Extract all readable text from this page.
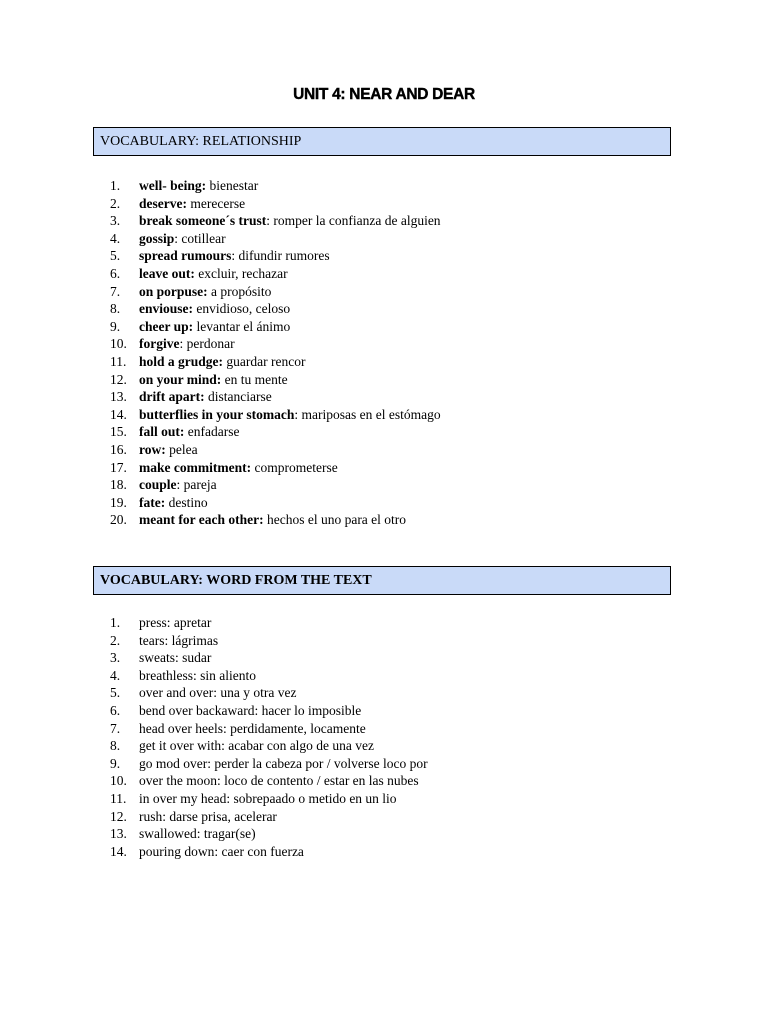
UNIT 4: NEAR AND DEAR
VOCABULARY: RELATIONSHIP
1. well- being: bienestar
2. deserve: merecerse
3. break someone´s trust: romper la confianza de alguien
4. gossip: cotillear
5. spread rumours: difundir rumores
6. leave out: excluir, rechazar
7. on porpuse: a propósito
8. enviouse: envidioso, celoso
9. cheer up: levantar el ánimo
10. forgive: perdonar
11. hold a grudge: guardar rencor
12. on your mind: en tu mente
13. drift apart: distanciarse
14. butterflies in your stomach: mariposas en el estómago
15. fall out: enfadarse
16. row: pelea
17. make commitment: comprometerse
18. couple: pareja
19. fate: destino
20. meant for each other: hechos el uno para el otro
VOCABULARY: WORD FROM THE TEXT
1. press: apretar
2. tears: lágrimas
3. sweats: sudar
4. breathless: sin aliento
5. over and over: una y otra vez
6. bend over backaward: hacer lo imposible
7. head over heels: perdidamente, locamente
8. get it over with: acabar con algo de una vez
9. go mod over: perder la cabeza por / volverse loco por
10. over the moon: loco de contento / estar en las nubes
11. in over my head: sobrepaado o metido en un lio
12. rush: darse prisa, acelerar
13. swallowed: tragar(se)
14. pouring down: caer con fuerza
